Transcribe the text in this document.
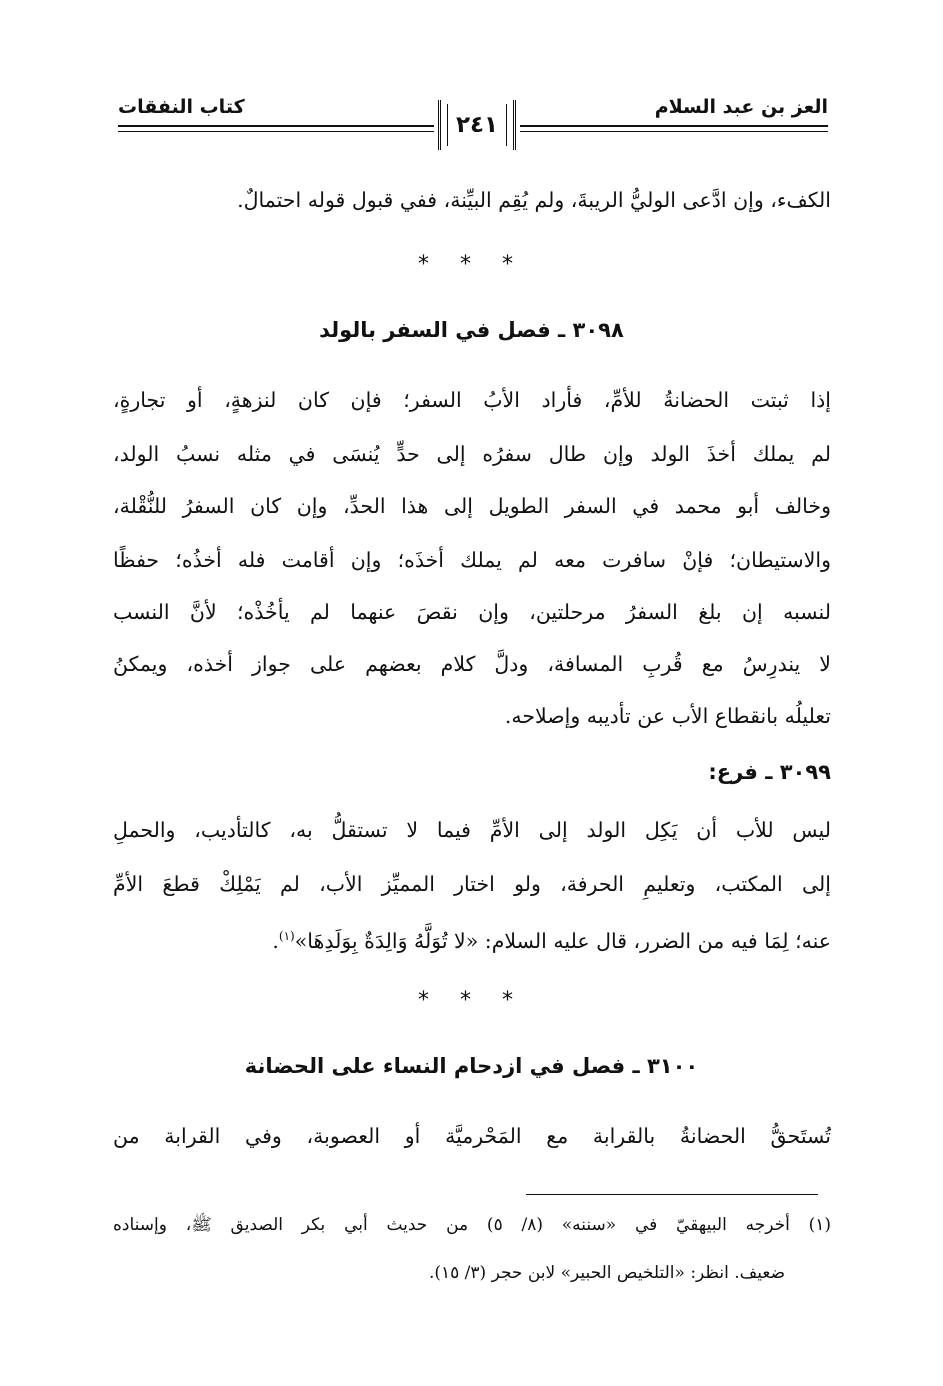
العز بن عبد السلام
٢٤١
كتاب النفقات
الكفء، وإن ادَّعى الوليُّ الريبةَ، ولم يُقِم البيِّنة، ففي قبول قوله احتمالٌ.
* * *
٣٠٩٨ ـ فصل في السفر بالولد
إذا ثبتت الحضانةُ للأمِّ، فأراد الأبُ السفر؛ فإن كان لنزهةٍ، أو تجارةٍ،
لم يملك أخذَ الولد وإن طال سفرُه إلى حدٍّ يُنسَى في مثله نسبُ الولد،
وخالف أبو محمد في السفر الطويل إلى هذا الحدِّ، وإن كان السفرُ للنُّقْلة،
والاستيطان؛ فإنْ سافرت معه لم يملك أخذَه؛ وإن أقامت فله أخذُه؛ حفظًا
لنسبه إن بلغ السفرُ مرحلتين، وإن نقصَ عنهما لم يأخُذْه؛ لأنَّ النسب
لا يندرِسُ مع قُربِ المسافة، ودلَّ كلام بعضهم على جواز أخذه، ويمكنُ
تعليلُه بانقطاع الأب عن تأديبه وإصلاحه.
٣٠٩٩ ـ فرع:
ليس للأب أن يَكِل الولد إلى الأمِّ فيما لا تستقلُّ به، كالتأديب، والحملِ
إلى المكتب، وتعليمِ الحرفة، ولو اختار المميِّز الأب، لم يَمْلِكْ قطعَ الأمِّ
عنه؛ لِمَا فيه من الضرر، قال عليه السلام: «لا تُوَلَّهُ وَالِدَةٌ بِوَلَدِهَا»$^{(١)}$.
* * *
٣١٠٠ ـ فصل في ازدحام النساء على الحضانة
تُستَحقُّ الحضانةُ بالقرابة مع المَحْرميَّة أو العصوبة، وفي القرابة من
(١) أخرجه البيهقيّ في «سننه» (٨/ ٥) من حديث أبي بكر الصديق ﷺ، وإسناده
ضعيف. انظر: «التلخيص الحبير» لابن حجر (٣/ ١٥).
